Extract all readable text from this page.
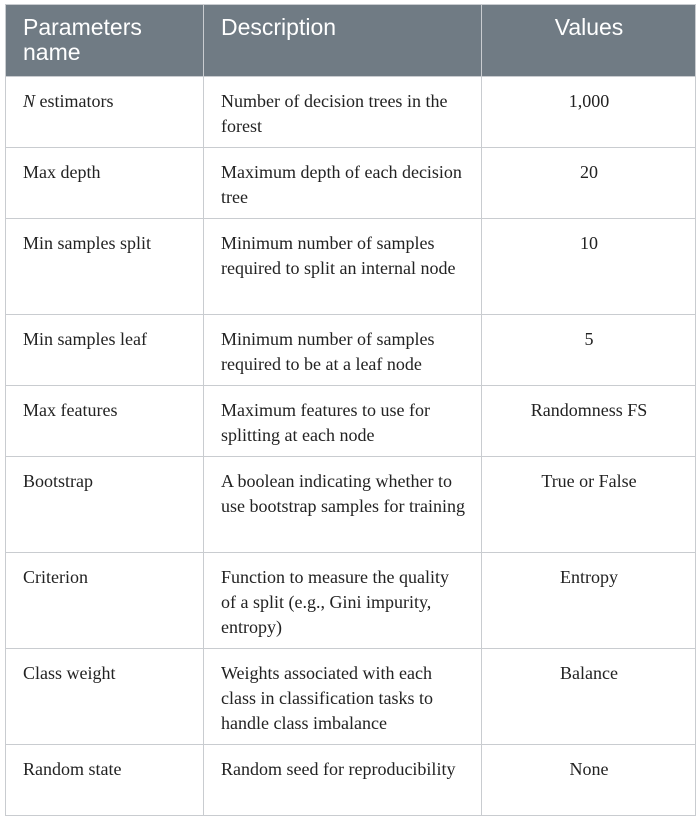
Parameters name	Description	Values
N estimators	Number of decision trees in the forest	1,000
Max depth	Maximum depth of each decision tree	20
Min samples split	Minimum number of samples required to split an internal node	10
Min samples leaf	Minimum number of samples required to be at a leaf node	5
Max features	Maximum features to use for splitting at each node	Randomness FS
Bootstrap	A boolean indicating whether to use bootstrap samples for training	True or False
Criterion	Function to measure the quality of a split (e.g., Gini impurity, entropy)	Entropy
Class weight	Weights associated with each class in classification tasks to handle class imbalance	Balance
Random state	Random seed for reproducibility	None
